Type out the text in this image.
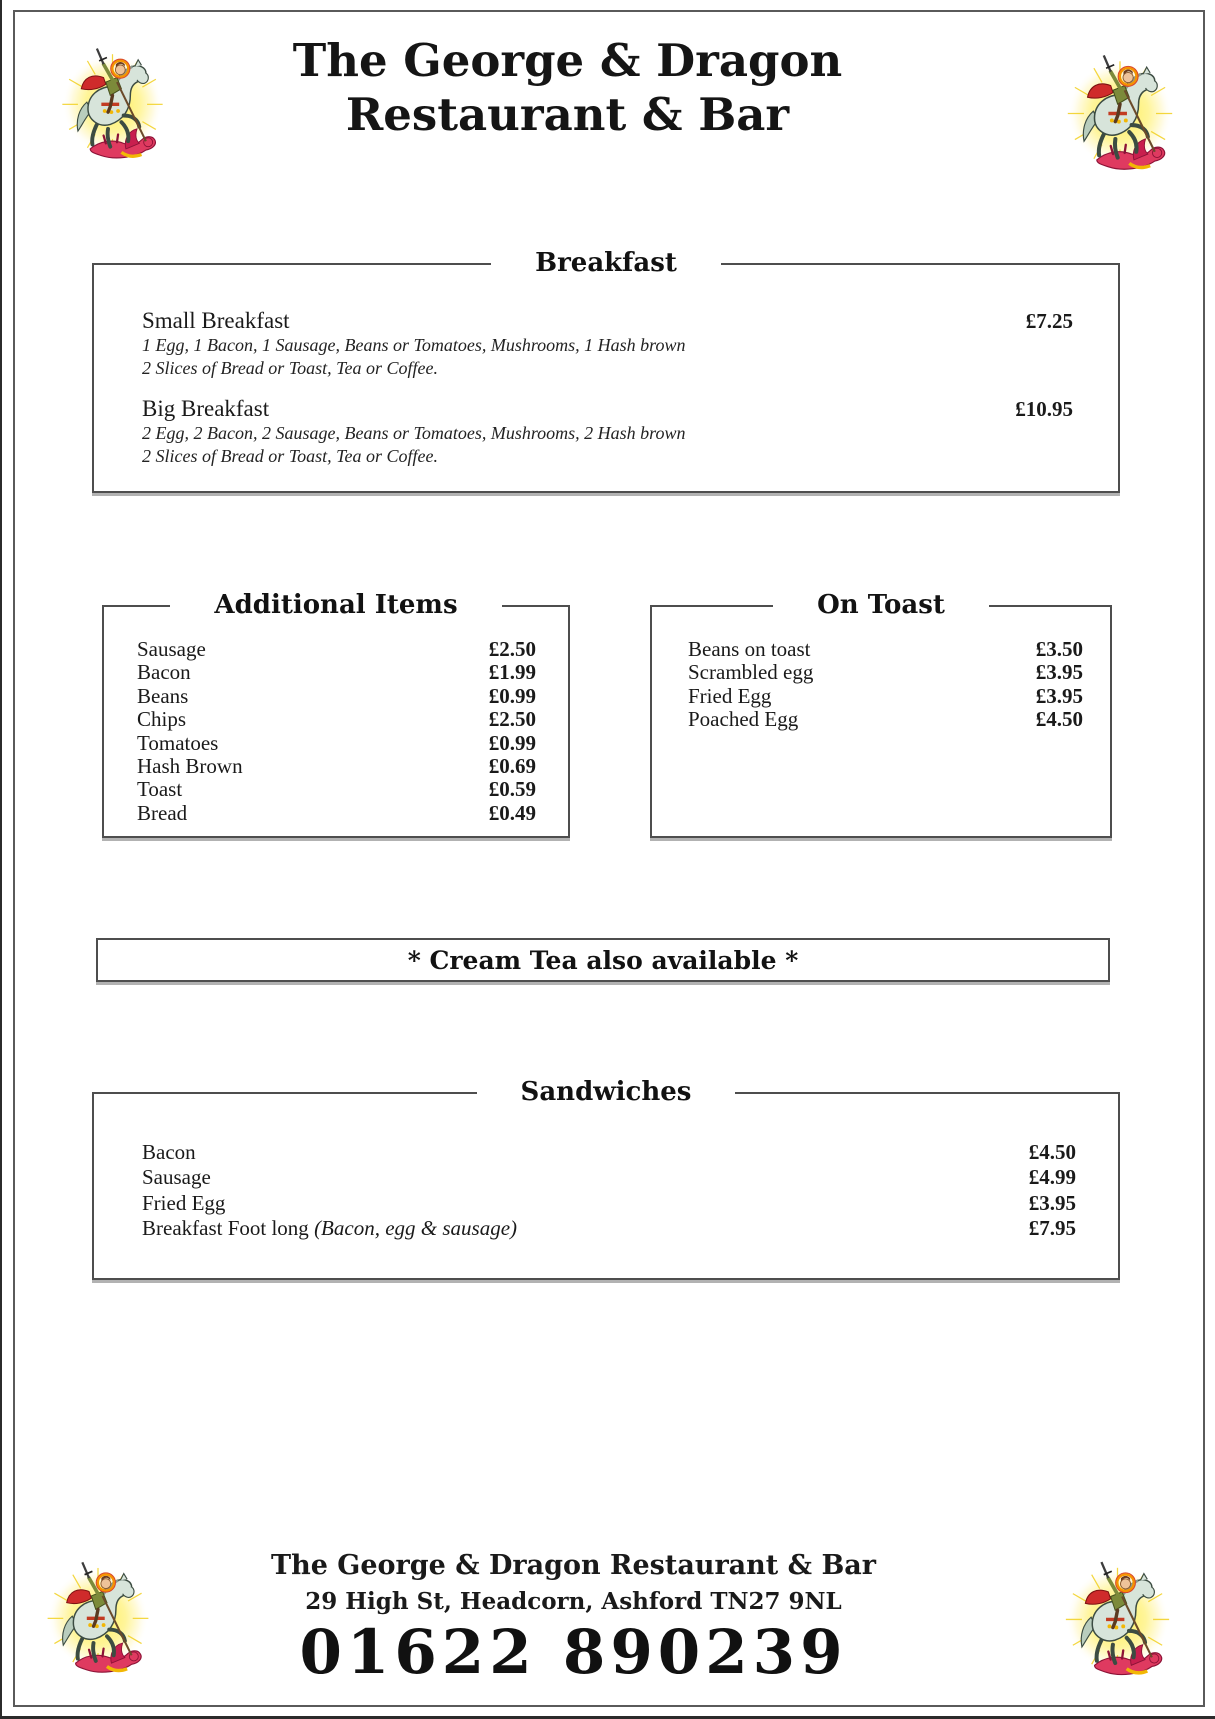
The George & Dragon
Restaurant & Bar
Breakfast
Small Breakfast	£7.25
1 Egg, 1 Bacon, 1 Sausage, Beans or Tomatoes, Mushrooms, 1 Hash brown
2 Slices of Bread or Toast, Tea or Coffee.
Big Breakfast	£10.95
2 Egg, 2 Bacon, 2 Sausage, Beans or Tomatoes, Mushrooms, 2 Hash brown
2 Slices of Bread or Toast, Tea or Coffee.
Additional Items
Sausage	£2.50
Bacon	£1.99
Beans	£0.99
Chips	£2.50
Tomatoes	£0.99
Hash Brown	£0.69
Toast	£0.59
Bread	£0.49
On Toast
Beans on toast	£3.50
Scrambled egg	£3.95
Fried Egg	£3.95
Poached Egg	£4.50
* Cream Tea also available *
Sandwiches
Bacon	£4.50
Sausage	£4.99
Fried Egg	£3.95
Breakfast Foot long (Bacon, egg & sausage)	£7.95
The George & Dragon Restaurant & Bar
29 High St, Headcorn, Ashford TN27 9NL
01622 890239
